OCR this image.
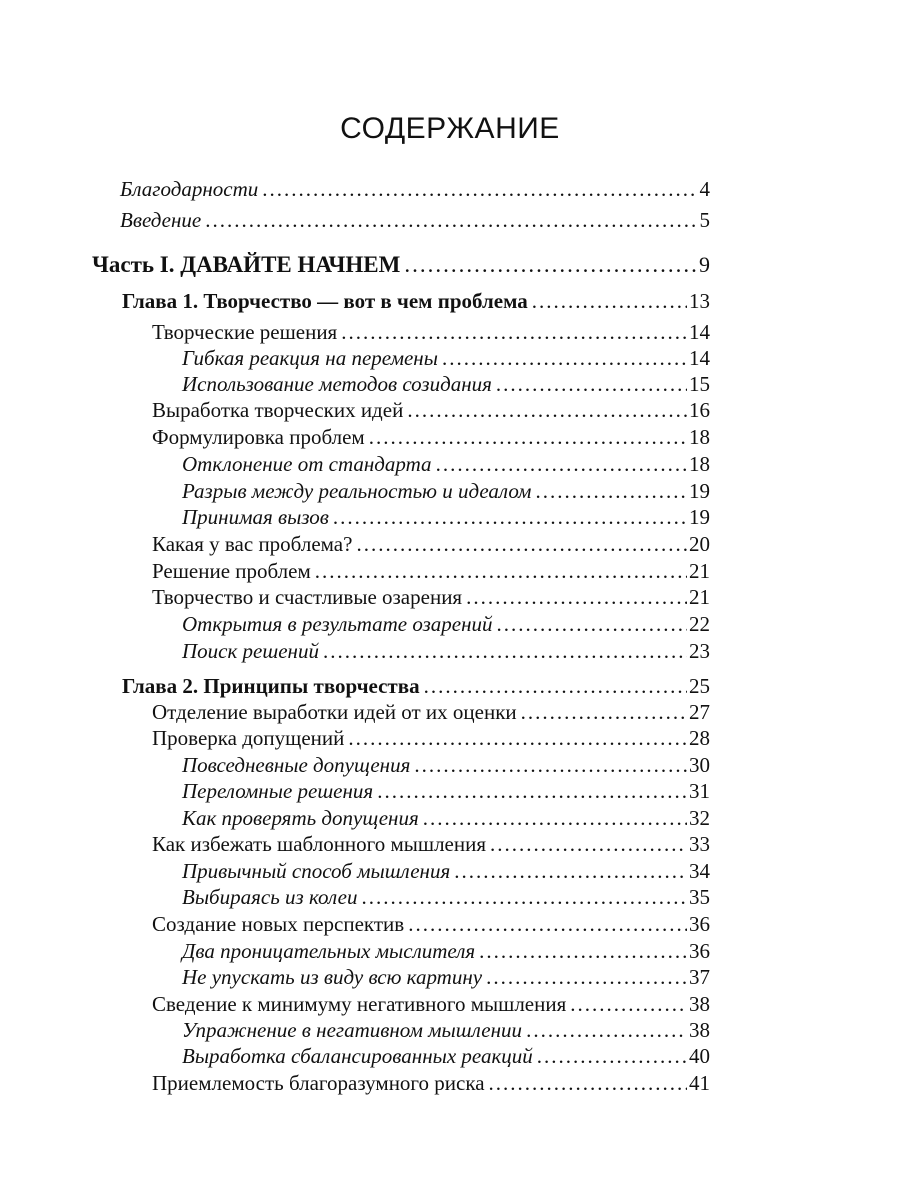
СОДЕРЖАНИЕ
Благодарности .....	4
Введение .....	5
Часть I. ДАВАЙТЕ НАЧНЕМ .....	9
Глава 1. Творчество — вот в чем проблема .....	13
Творческие решения .....	14
Гибкая реакция на перемены .....	14
Использование методов созидания .....	15
Выработка творческих идей .....	16
Формулировка проблем .....	18
Отклонение от стандарта .....	18
Разрыв между реальностью и идеалом .....	19
Принимая вызов .....	19
Какая у вас проблема? .....	20
Решение проблем .....	21
Творчество и счастливые озарения .....	21
Открытия в результате озарений .....	22
Поиск решений .....	23
Глава 2. Принципы творчества .....	25
Отделение выработки идей от их оценки .....	27
Проверка допущений .....	28
Повседневные допущения .....	30
Переломные решения .....	31
Как проверять допущения .....	32
Как избежать шаблонного мышления .....	33
Привычный способ мышления .....	34
Выбираясь из колеи .....	35
Создание новых перспектив .....	36
Два проницательных мыслителя .....	36
Не упускать из виду всю картину .....	37
Сведение к минимуму негативного мышления .....	38
Упражнение в негативном мышлении .....	38
Выработка сбалансированных реакций .....	40
Приемлемость благоразумного риска .....	41
